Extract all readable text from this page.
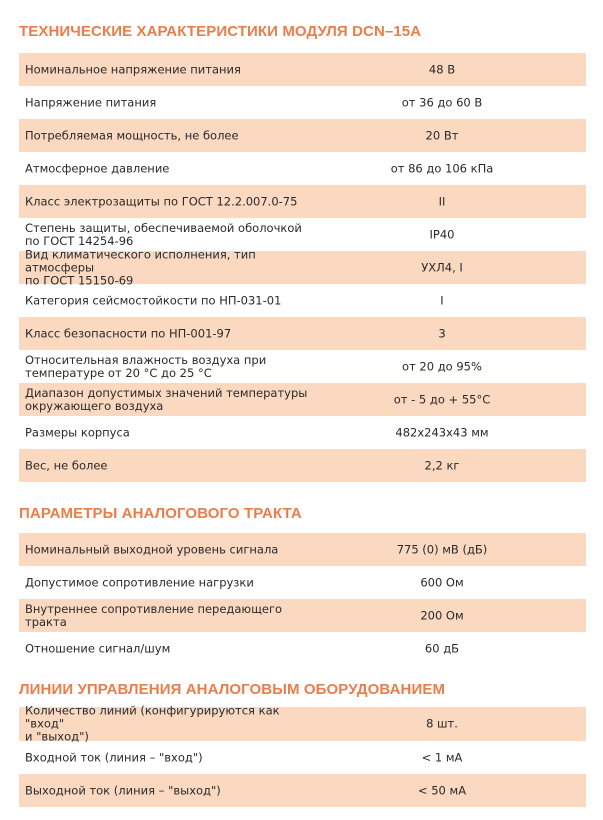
ТЕХНИЧЕСКИЕ ХАРАКТЕРИСТИКИ МОДУЛЯ DCN–15А
Номинальное напряжение питания	48 В
Напряжение питания	от 36 до 60 В
Потребляемая мощность, не более	20 Вт
Атмосферное давление	от 86 до 106 кПа
Класс электрозащиты по ГОСТ 12.2.007.0-75	II
Степень защиты, обеспечиваемой оболочкой
по ГОСТ 14254-96	IP40
Вид климатического исполнения, тип атмосферы
по ГОСТ 15150-69
УХЛ4, I
Категория сейсмостойкости по НП-031-01	I
Класс безопасности по НП-001-97	3
Относительная влажность воздуха при
температуре от 20 °С до 25 °С	от 20 до 95%
Диапазон допустимых значений температуры
окружающего воздуха	от - 5 до + 55°С
Размеры корпуса	482х243х43 мм
Вес, не более	2,2 кг
ПАРАМЕТРЫ АНАЛОГОВОГО ТРАКТА
Номинальный выходной уровень сигнала	775 (0) мВ (дБ)
Допустимое сопротивление нагрузки	600 Ом
Внутреннее сопротивление передающего тракта	200 Ом
Отношение сигнал/шум	60 дБ
ЛИНИИ УПРАВЛЕНИЯ АНАЛОГОВЫМ ОБОРУДОВАНИЕМ
Количество линий (конфигурируются как "вход"
и "выход")
8 шт.
Входной ток (линия – "вход")	< 1 мА
Выходной ток (линия – "выход")	< 50 мА
